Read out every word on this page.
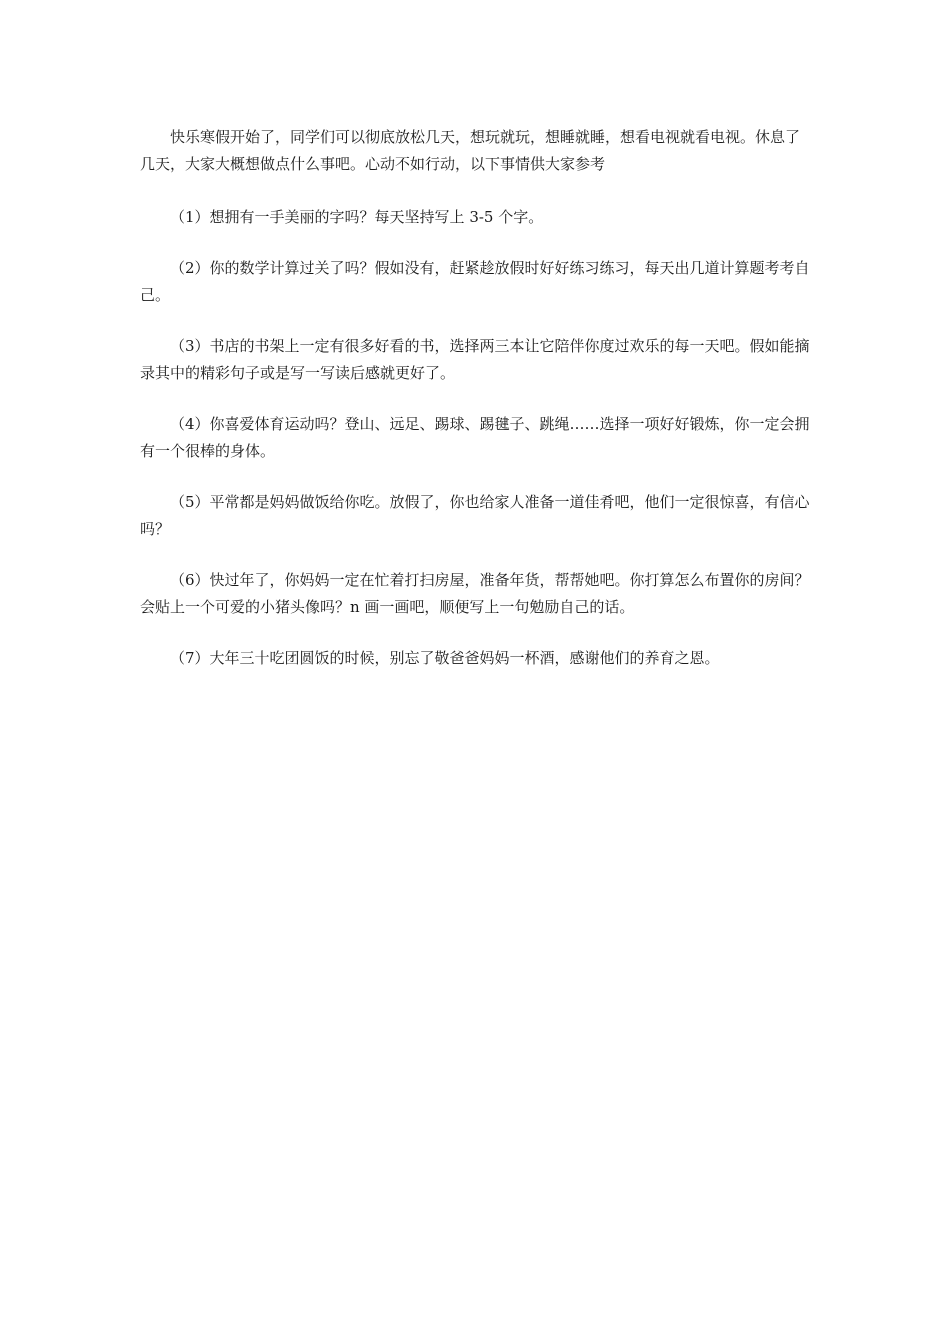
快乐寒假开始了，同学们可以彻底放松几天，想玩就玩，想睡就睡，想看电视就看电视。休息了几天，大家大概想做点什么事吧。心动不如行动，以下事情供大家参考

（1）想拥有一手美丽的字吗？每天坚持写上 3-5 个字。

（2）你的数学计算过关了吗？假如没有，赶紧趁放假时好好练习练习，每天出几道计算题考考自己。

（3）书店的书架上一定有很多好看的书，选择两三本让它陪伴你度过欢乐的每一天吧。假如能摘录其中的精彩句子或是写一写读后感就更好了。

（4）你喜爱体育运动吗？登山、远足、踢球、踢毽子、跳绳……选择一项好好锻炼，你一定会拥有一个很棒的身体。

（5）平常都是妈妈做饭给你吃。放假了，你也给家人准备一道佳肴吧，他们一定很惊喜，有信心吗？

（6）快过年了，你妈妈一定在忙着打扫房屋，准备年货，帮帮她吧。你打算怎么布置你的房间？会贴上一个可爱的小猪头像吗？n 画一画吧，顺便写上一句勉励自己的话。

（7）大年三十吃团圆饭的时候，别忘了敬爸爸妈妈一杯酒，感谢他们的养育之恩。
